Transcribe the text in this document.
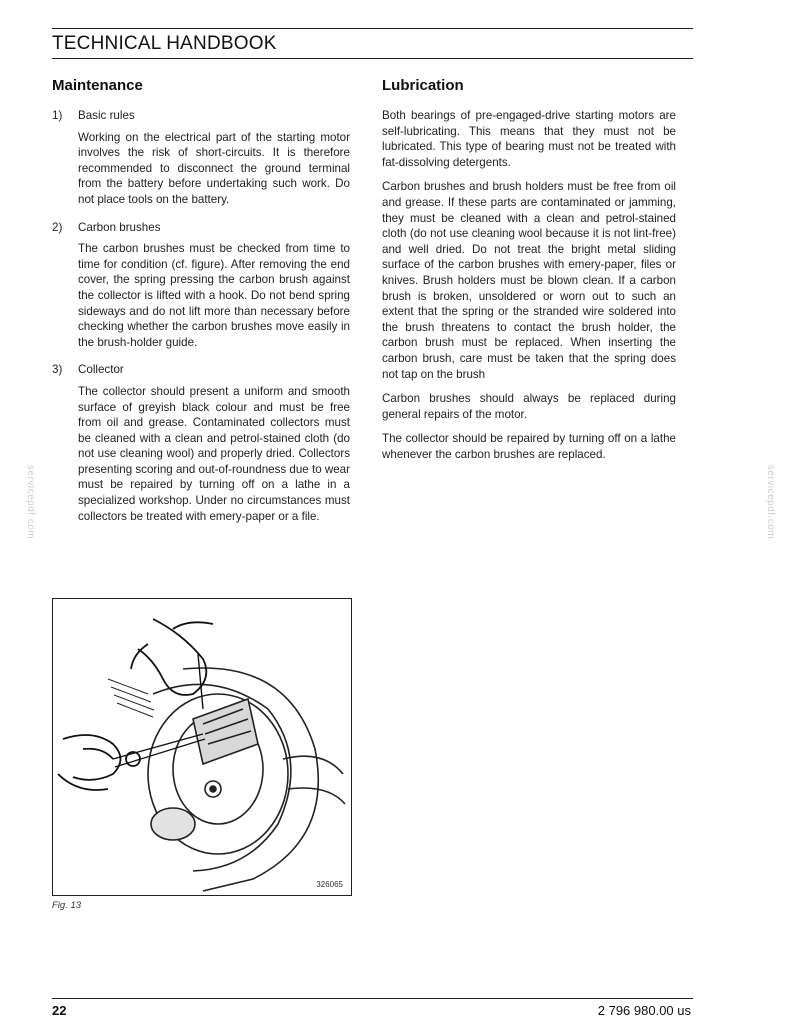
TECHNICAL HANDBOOK
Maintenance
1)	Basic rules
Working on the electrical part of the starting motor involves the risk of short-circuits. It is therefore recommended to disconnect the ground terminal from the battery before undertaking such work. Do not place tools on the battery.
2)	Carbon brushes
The carbon brushes must be checked from time to time for condition (cf. figure). After removing the end cover, the spring pressing the carbon brush against the collector is lifted with a hook. Do not bend spring sideways and do not lift more than necessary before checking whether the carbon brushes move easily in the brush-holder guide.
3)	Collector
The collector should present a uniform and smooth surface of greyish black colour and must be free from oil and grease. Contaminated collectors must be cleaned with a clean and petrol-stained cloth (do not use cleaning wool) and properly dried. Collectors presenting scoring and out-of-roundness due to wear must be repaired by turning off on a lathe in a specialized workshop. Under no circumstances must collectors be treated with emery-paper or a file.
326065
Fig. 13
Lubrication

Both bearings of pre-engaged-drive starting motors are self-lubricating. This means that they must not be lubricated. This type of bearing must not be treated with fat-dissolving detergents.

Carbon brushes and brush holders must be free from oil and grease. If these parts are contaminated or jamming, they must be cleaned with a clean and petrol-stained cloth (do not use cleaning wool because it is not lint-free) and well dried. Do not treat the bright metal sliding surface of the carbon brushes with emery-paper, files or knives. Brush holders must be blown clean. If a carbon brush is broken, unsoldered or worn out to such an extent that the spring or the stranded wire soldered into the brush threatens to contact the brush holder, the carbon brush must be replaced. When inserting the carbon brush, care must be taken that the spring does not tap on the brush

Carbon brushes should always be replaced during general repairs of the motor.

The collector should be repaired by turning off on a lathe whenever the carbon brushes are replaced.

servicepdf.com	servicepdf.com
22	2 796 980.00 us
